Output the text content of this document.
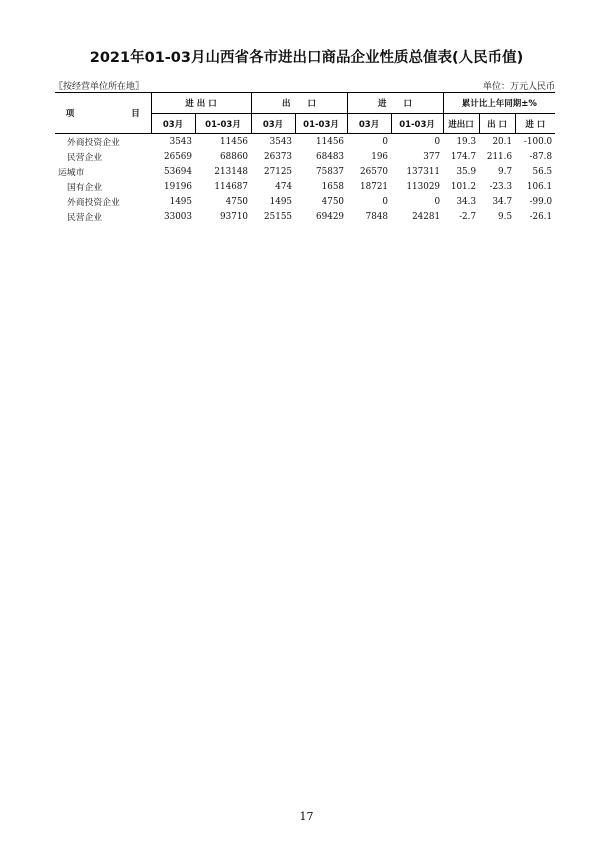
2021年01-03月山西省各市进出口商品企业性质总值表(人民币值)
〖按经营单位所在地〗	单位：万元人民币
项 目	进 出 口		出　　口		进　　口		累计比上年同期±%		
	03月	01-03月	03月	01-03月	03月	01-03月	进出口	出 口	进 口
外商投资企业	3543	11456	3543	11456	0	0	19.3	20.1	-100.0
民营企业	26569	68860	26373	68483	196	377	174.7	211.6	-87.8
运城市	53694	213148	27125	75837	26570	137311	35.9	9.7	56.5
国有企业	19196	114687	474	1658	18721	113029	101.2	-23.3	106.1
外商投资企业	1495	4750	1495	4750	0	0	34.3	34.7	-99.0
民营企业	33003	93710	25155	69429	7848	24281	-2.7	9.5	-26.1
17
